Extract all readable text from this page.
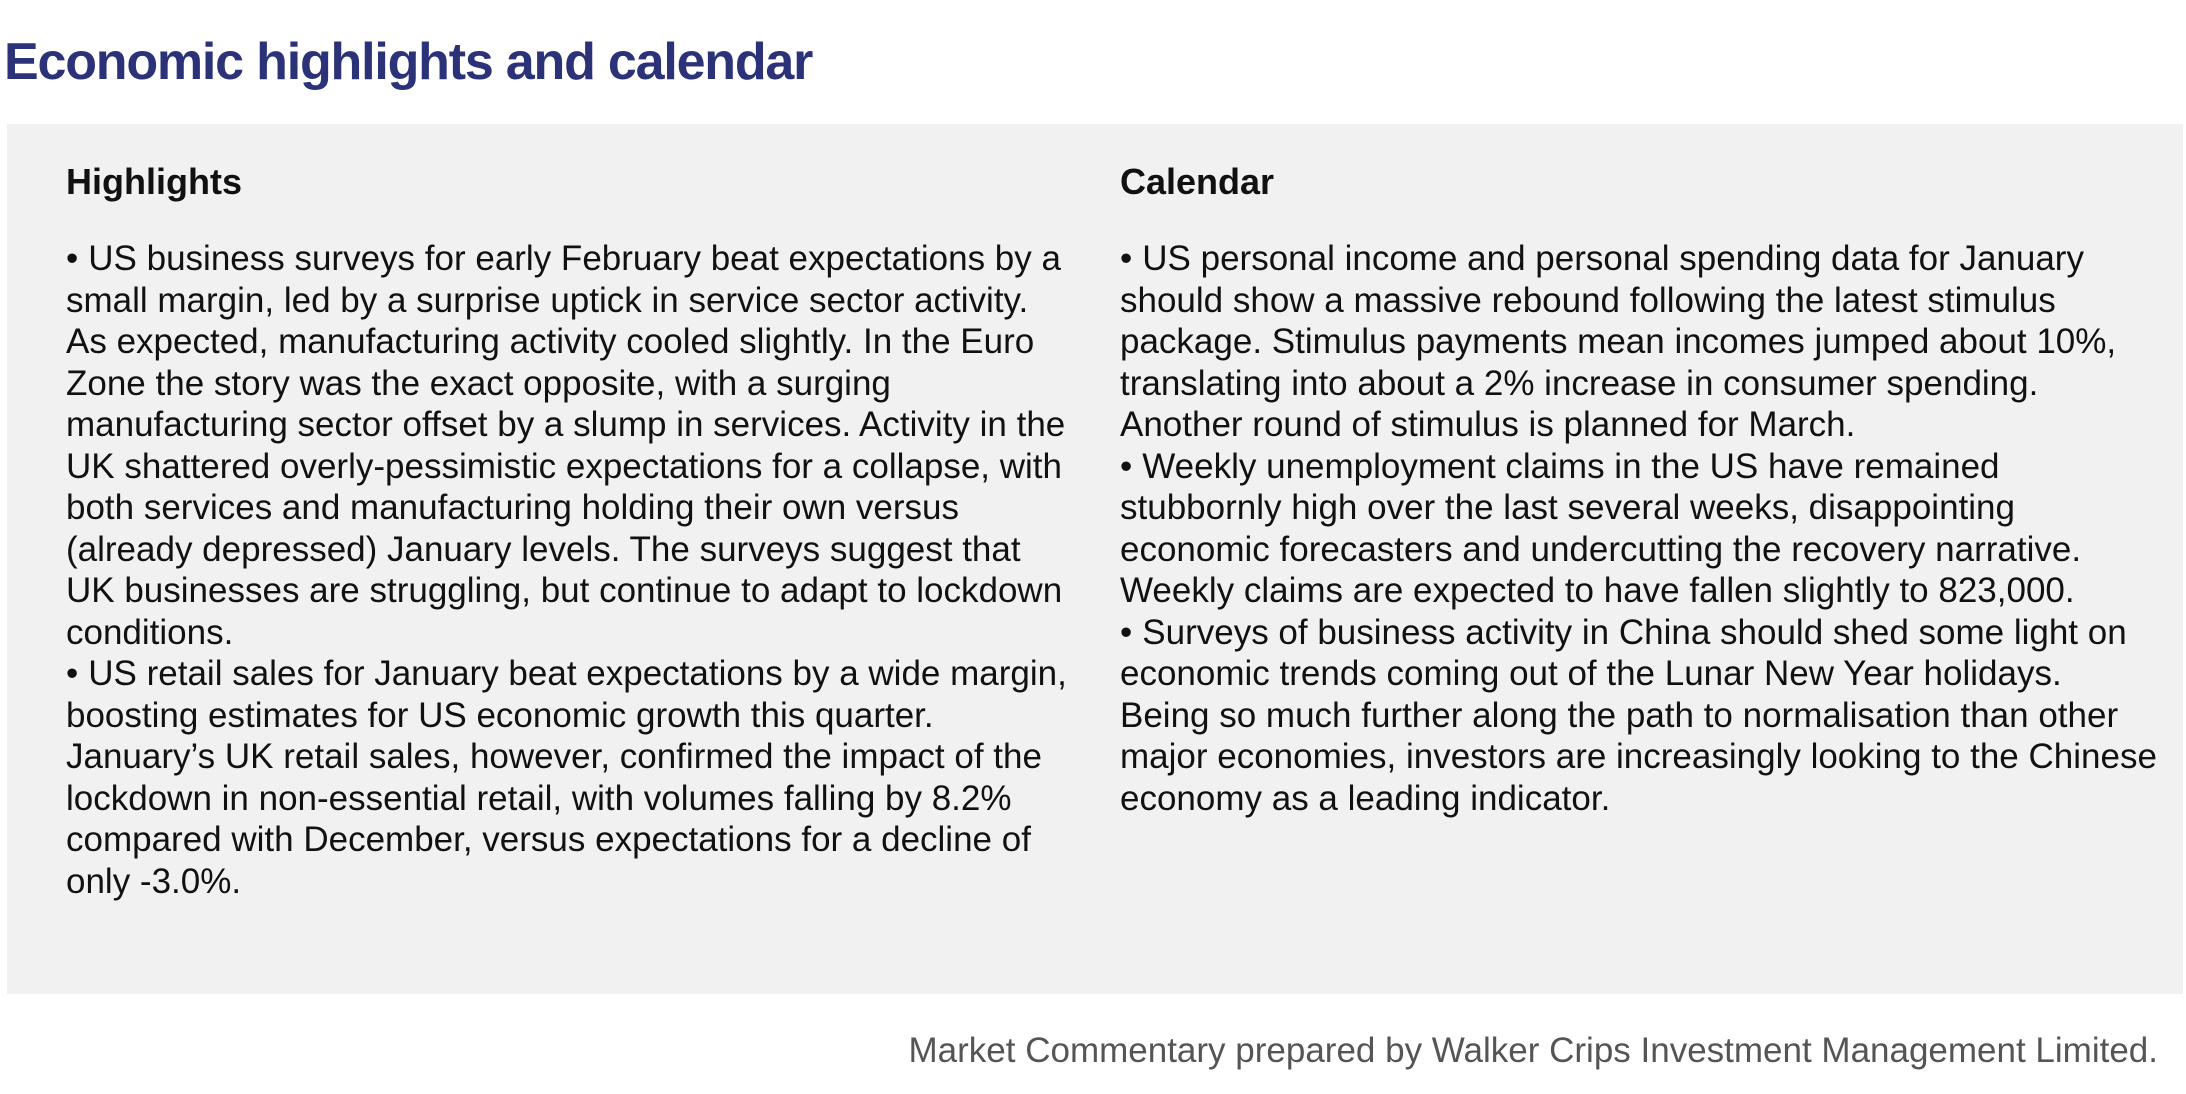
Economic highlights and calendar
Highlights
• US business surveys for early February beat expectations by a small margin, led by a surprise uptick in service sector activity. As expected, manufacturing activity cooled slightly. In the Euro Zone the story was the exact opposite, with a surging manufacturing sector offset by a slump in services. Activity in the UK shattered overly-pessimistic expectations for a collapse, with both services and manufacturing holding their own versus (already depressed) January levels. The surveys suggest that UK businesses are struggling, but continue to adapt to lockdown conditions.
• US retail sales for January beat expectations by a wide margin, boosting estimates for US economic growth this quarter. January’s UK retail sales, however, confirmed the impact of the lockdown in non-essential retail, with volumes falling by 8.2% compared with December, versus expectations for a decline of only -3.0%.
Calendar
• US personal income and personal spending data for January should show a massive rebound following the latest stimulus package. Stimulus payments mean incomes jumped about 10%, translating into about a 2% increase in consumer spending. Another round of stimulus is planned for March.
• Weekly unemployment claims in the US have remained stubbornly high over the last several weeks, disappointing economic forecasters and undercutting the recovery narrative. Weekly claims are expected to have fallen slightly to 823,000.
• Surveys of business activity in China should shed some light on economic trends coming out of the Lunar New Year holidays. Being so much further along the path to normalisation than other major economies, investors are increasingly looking to the Chinese economy as a leading indicator.

Market Commentary prepared by Walker Crips Investment Management Limited.
